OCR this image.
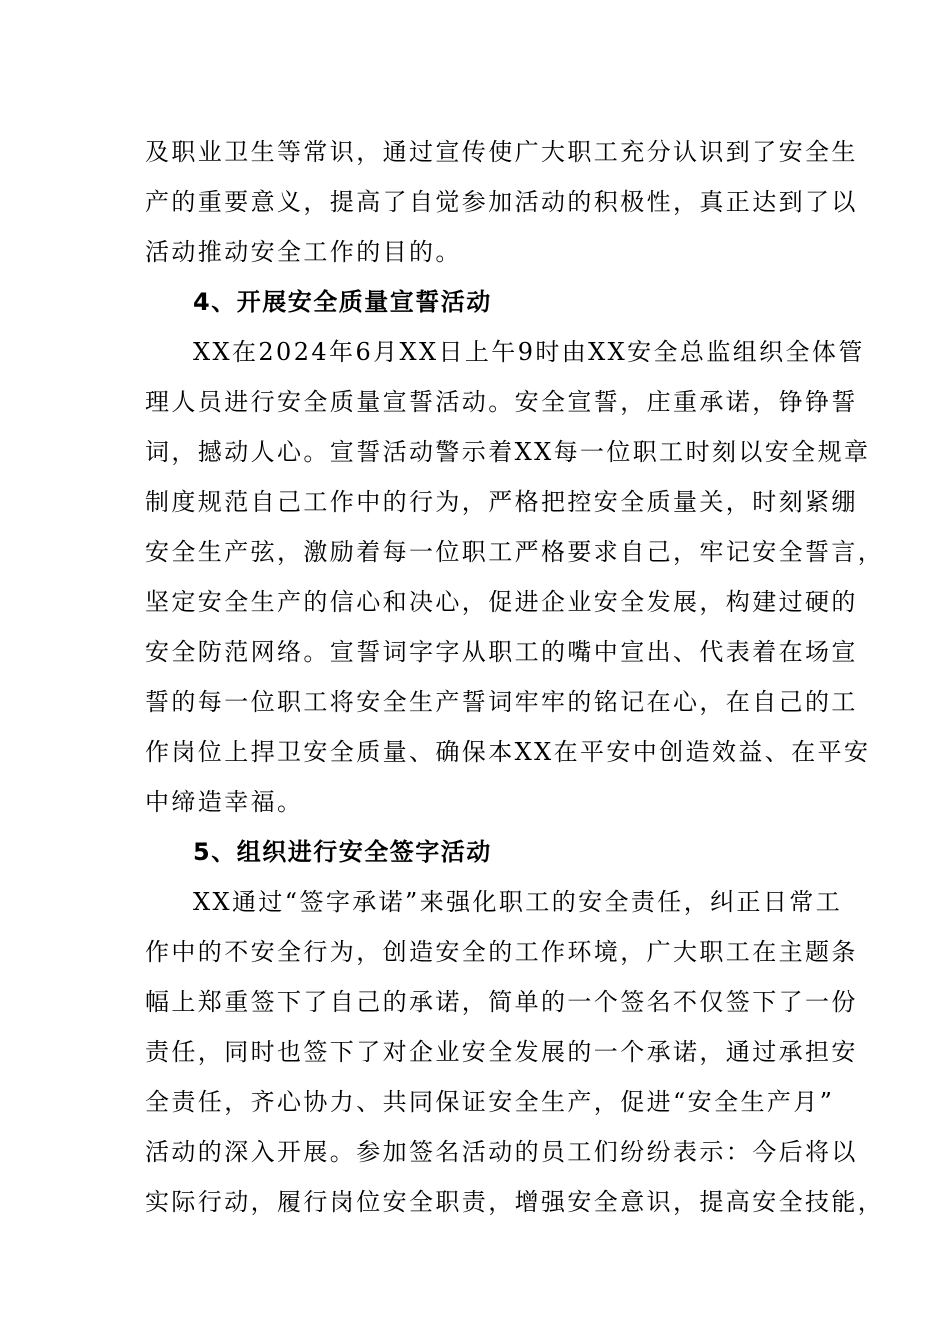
及职业卫生等常识，通过宣传使广大职工充分认识到了安全生
产的重要意义，提高了自觉参加活动的积极性，真正达到了以
活动推动安全工作的目的。
4、开展安全质量宣誓活动
XX在2024年6月XX日上午9时由XX安全总监组织全体管
理人员进行安全质量宣誓活动。安全宣誓，庄重承诺，铮铮誓
词，撼动人心。宣誓活动警示着XX每一位职工时刻以安全规章
制度规范自己工作中的行为，严格把控安全质量关，时刻紧绷
安全生产弦，激励着每一位职工严格要求自己，牢记安全誓言，
坚定安全生产的信心和决心，促进企业安全发展，构建过硬的
安全防范网络。宣誓词字字从职工的嘴中宣出、代表着在场宣
誓的每一位职工将安全生产誓词牢牢的铭记在心，在自己的工
作岗位上捍卫安全质量、确保本XX在平安中创造效益、在平安
中缔造幸福。
5、组织进行安全签字活动
XX通过“签字承诺”来强化职工的安全责任，纠正日常工
作中的不安全行为，创造安全的工作环境，广大职工在主题条
幅上郑重签下了自己的承诺，简单的一个签名不仅签下了一份
责任，同时也签下了对企业安全发展的一个承诺，通过承担安
全责任，齐心协力、共同保证安全生产，促进“安全生产月”
活动的深入开展。参加签名活动的员工们纷纷表示：今后将以
实际行动，履行岗位安全职责，增强安全意识，提高安全技能，
